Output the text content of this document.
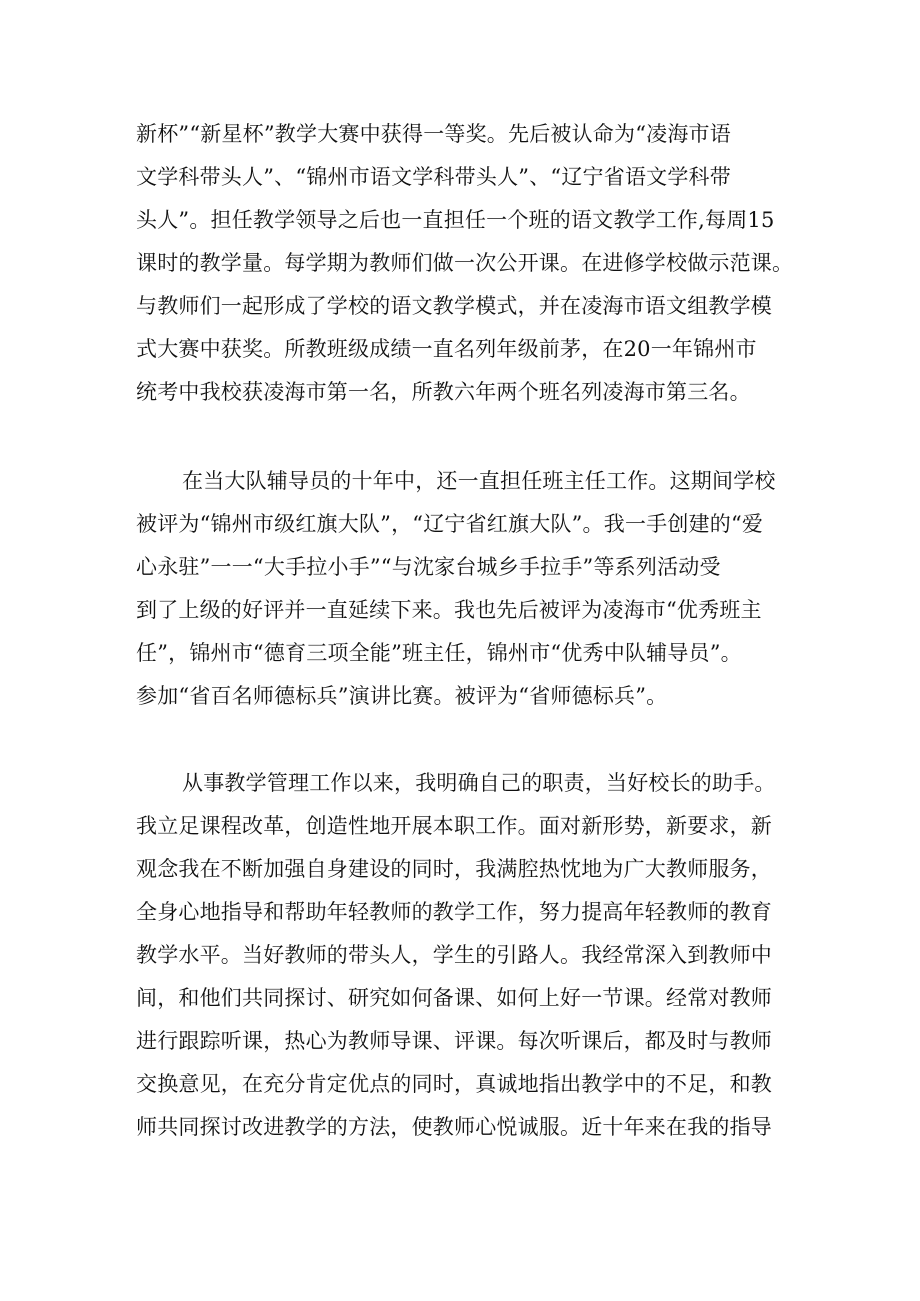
新杯”“新星杯”教学大赛中获得一等奖。先后被认命为“凌海市语
文学科带头人”、“锦州市语文学科带头人”、“辽宁省语文学科带
头人”。担任教学领导之后也一直担任一个班的语文教学工作,每周15
课时的教学量。每学期为教师们做一次公开课。在进修学校做示范课。
与教师们一起形成了学校的语文教学模式，并在凌海市语文组教学模
式大赛中获奖。所教班级成绩一直名列年级前茅，在20一年锦州市
统考中我校获凌海市第一名，所教六年两个班名列凌海市第三名。
在当大队辅导员的十年中，还一直担任班主任工作。这期间学校
被评为“锦州市级红旗大队”，“辽宁省红旗大队”。我一手创建的“爱
心永驻”一一“大手拉小手”“与沈家台城乡手拉手”等系列活动受
到了上级的好评并一直延续下来。我也先后被评为凌海市“优秀班主
任”，锦州市“德育三项全能”班主任，锦州市“优秀中队辅导员”。
参加“省百名师德标兵”演讲比赛。被评为“省师德标兵”。
从事教学管理工作以来，我明确自己的职责，当好校长的助手。
我立足课程改革，创造性地开展本职工作。面对新形势，新要求，新
观念我在不断加强自身建设的同时，我满腔热忱地为广大教师服务，
全身心地指导和帮助年轻教师的教学工作，努力提高年轻教师的教育
教学水平。当好教师的带头人，学生的引路人。我经常深入到教师中
间，和他们共同探讨、研究如何备课、如何上好一节课。经常对教师
进行跟踪听课，热心为教师导课、评课。每次听课后，都及时与教师
交换意见，在充分肯定优点的同时，真诚地指出教学中的不足，和教
师共同探讨改进教学的方法，使教师心悦诚服。近十年来在我的指导
